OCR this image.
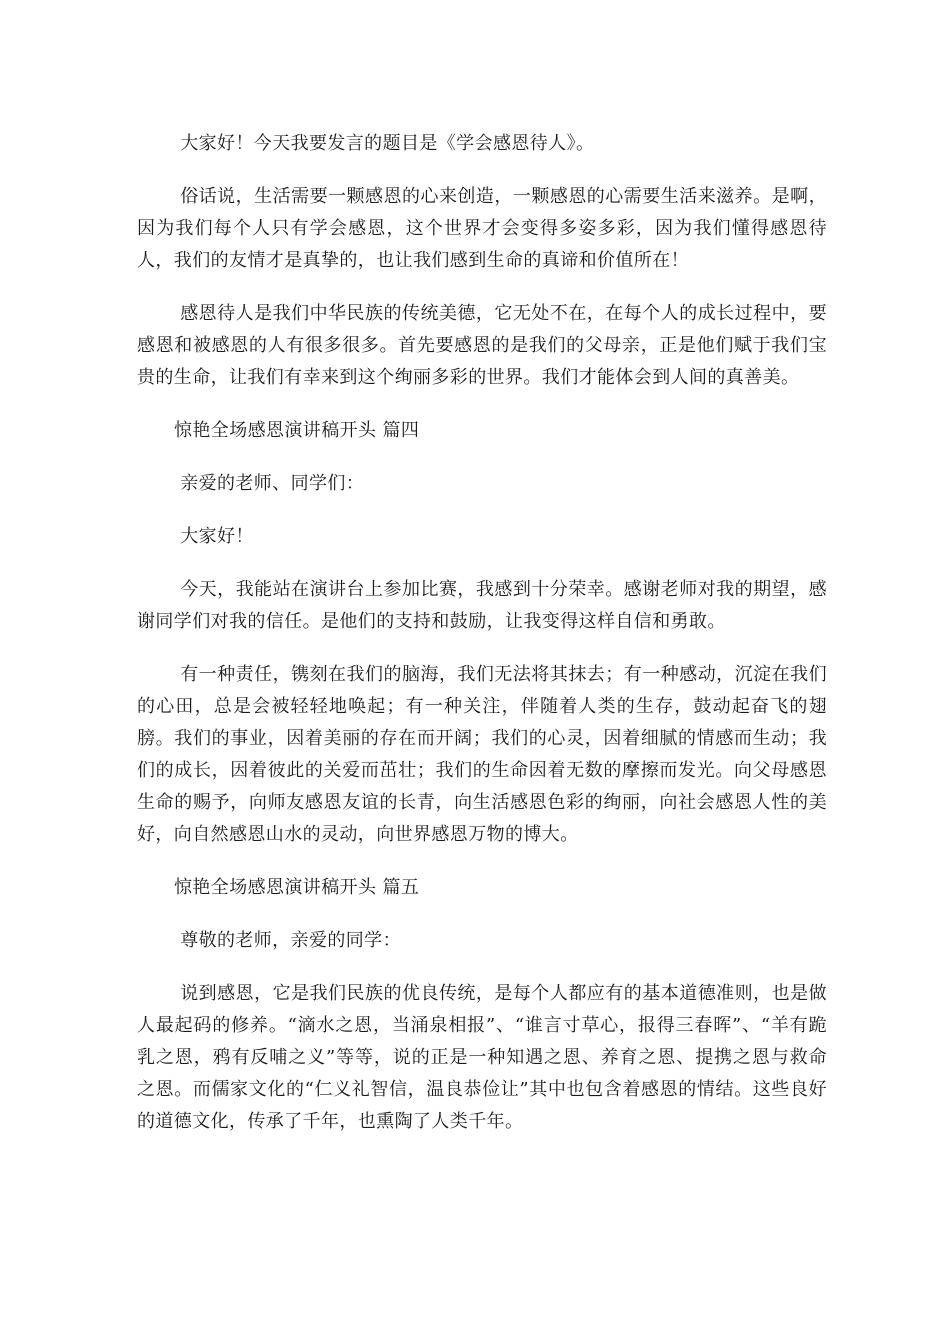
大家好！今天我要发言的题目是《学会感恩待人》。

俗话说，生活需要一颗感恩的心来创造，一颗感恩的心需要生活来滋养。是啊，因为我们每个人只有学会感恩，这个世界才会变得多姿多彩，因为我们懂得感恩待人，我们的友情才是真挚的，也让我们感到生命的真谛和价值所在！

感恩待人是我们中华民族的传统美德，它无处不在，在每个人的成长过程中，要感恩和被感恩的人有很多很多。首先要感恩的是我们的父母亲，正是他们赋于我们宝贵的生命，让我们有幸来到这个绚丽多彩的世界。我们才能体会到人间的真善美。

惊艳全场感恩演讲稿开头 篇四

亲爱的老师、同学们：

大家好！

今天，我能站在演讲台上参加比赛，我感到十分荣幸。感谢老师对我的期望，感谢同学们对我的信任。是他们的支持和鼓励，让我变得这样自信和勇敢。

有一种责任，镌刻在我们的脑海，我们无法将其抹去；有一种感动，沉淀在我们的心田，总是会被轻轻地唤起；有一种关注，伴随着人类的生存，鼓动起奋飞的翅膀。我们的事业，因着美丽的存在而开阔；我们的心灵，因着细腻的情感而生动；我们的成长，因着彼此的关爱而茁壮；我们的生命因着无数的摩擦而发光。向父母感恩生命的赐予，向师友感恩友谊的长青，向生活感恩色彩的绚丽，向社会感恩人性的美好，向自然感恩山水的灵动，向世界感恩万物的博大。

惊艳全场感恩演讲稿开头 篇五

尊敬的老师，亲爱的同学：

说到感恩，它是我们民族的优良传统，是每个人都应有的基本道德准则，也是做人最起码的修养。“滴水之恩，当涌泉相报”、“谁言寸草心，报得三春晖”、“羊有跪乳之恩，鸦有反哺之义”等等，说的正是一种知遇之恩、养育之恩、提携之恩与救命之恩。而儒家文化的“仁义礼智信，温良恭俭让”其中也包含着感恩的情结。这些良好的道德文化，传承了千年，也熏陶了人类千年。
